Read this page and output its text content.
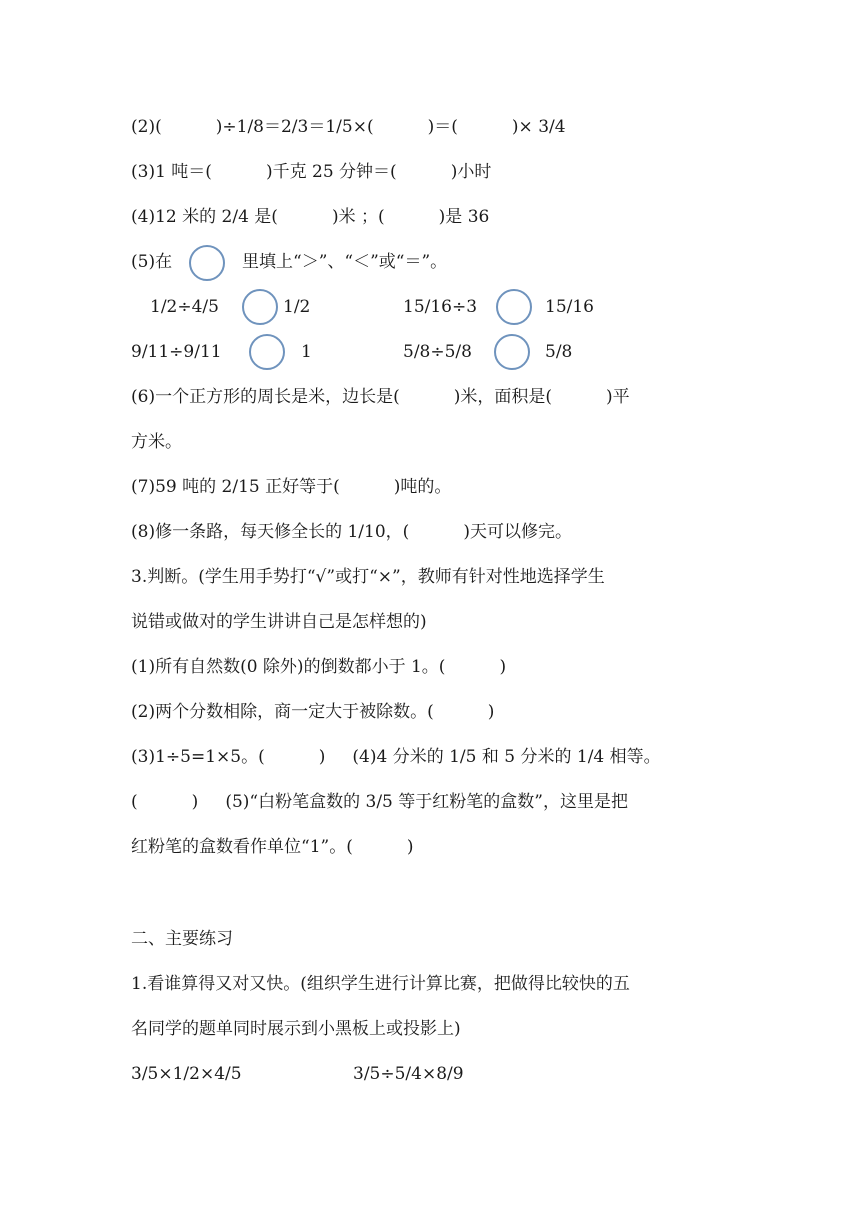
(2)(          )÷1/8＝2/3＝1/5×(          )＝(          )× 3/4
(3)1 吨＝(          )千克 25 分钟＝(          )小时
(4)12 米的 2/4 是(          )米 ；(          )是 36
(5)在	里填上“＞”、“＜”或“＝”。
1/2÷4/5	1/2	15/16÷3	15/16
9/11÷9/11	1	5/8÷5/8	5/8
(6)一个正方形的周长是米，边长是(          )米，面积是(          )平
方米。
(7)59 吨的 2/15 正好等于(          )吨的。
(8)修一条路，每天修全长的 1/10，(          )天可以修完。
3.判断。(学生用手势打“√”或打“×”，教师有针对性地选择学生
说错或做对的学生讲讲自己是怎样想的)
(1)所有自然数(0 除外)的倒数都小于 1。(          )
(2)两个分数相除，商一定大于被除数。(          )
(3)1÷5=1×5。(          )     (4)4 分米的 1/5 和 5 分米的 1/4 相等。
(          )     (5)“白粉笔盒数的 3/5 等于红粉笔的盒数”，这里是把
红粉笔的盒数看作单位“1”。(          )
二、主要练习
1.看谁算得又对又快。(组织学生进行计算比赛，把做得比较快的五
名同学的题单同时展示到小黑板上或投影上)
3/5×1/2×4/5	3/5÷5/4×8/9
